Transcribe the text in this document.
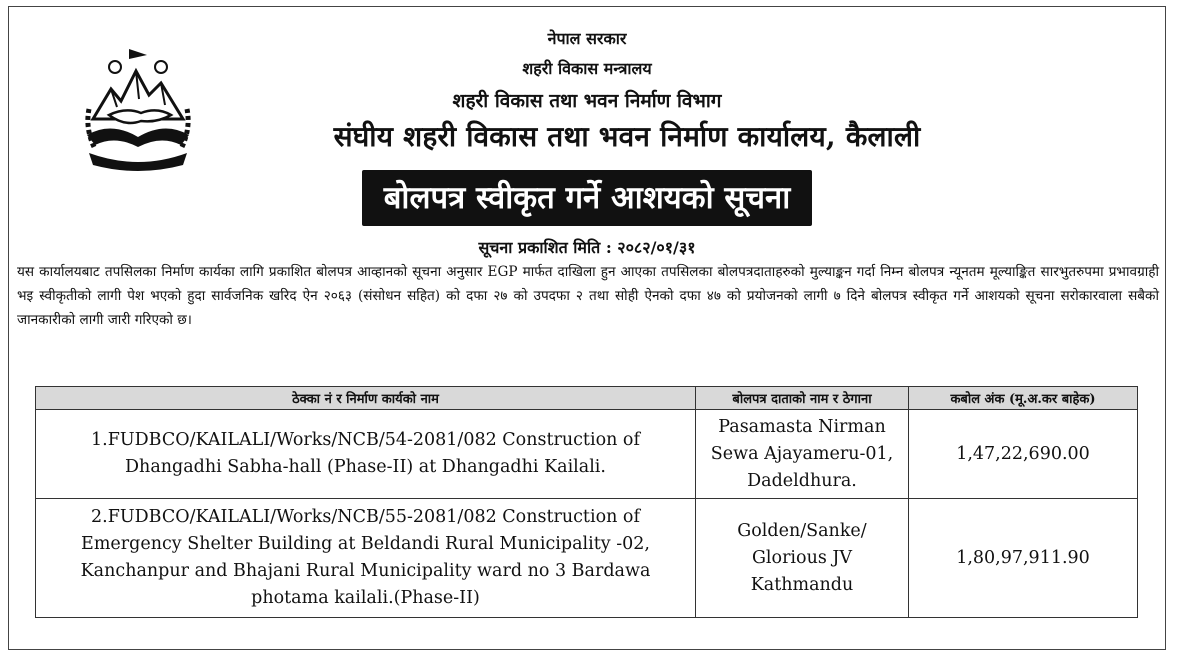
नेपाल सरकार

शहरी विकास मन्त्रालय

शहरी विकास तथा भवन निर्माण विभाग

संघीय शहरी विकास तथा भवन निर्माण कार्यालय, कैलाली

बोलपत्र स्वीकृत गर्ने आशयको सूचना
सूचना प्रकाशित मिति : २०८२/०१/३१

यस कार्यालयबाट तपसिलका निर्माण कार्यका लागि प्रकाशित बोलपत्र आव्हानको सूचना अनुसार EGP मार्फत दाखिला हुन आएका तपसिलका बोलपत्रदाताहरुको मुल्याङ्कन गर्दा निम्न बोलपत्र न्यूनतम मूल्याङ्कित सारभुतरुपमा प्रभावग्राही भइ स्वीकृतीको लागी पेश भएको हुदा सार्वजनिक खरिद ऐन २०६३ (संसोधन सहित) को दफा २७ को उपदफा २ तथा सोही ऐनको दफा ४७ को प्रयोजनको लागी ७ दिने बोलपत्र स्वीकृत गर्ने आशयको सूचना सरोकारवाला सबैको जानकारीको लागी जारी गरिएको छ।

ठेक्का नं र निर्माण कार्यको नाम	बोलपत्र दाताको नाम र ठेगाना	कबोल अंक (मू.अ.कर बाहेक)
1.FUDBCO/KAILALI/Works/NCB/54-2081/082 Construction of Dhangadhi Sabha-hall (Phase-II) at Dhangadhi Kailali.	Pasamasta Nirman Sewa Ajayameru-01, Dadeldhura.	1,47,22,690.00
2.FUDBCO/KAILALI/Works/NCB/55-2081/082 Construction of Emergency Shelter Building at Beldandi Rural Municipality -02, Kanchanpur and Bhajani Rural Municipality ward no 3 Bardawa photama kailali.(Phase-II)	Golden/Sanke/ Glorious JV Kathmandu	1,80,97,911.90
